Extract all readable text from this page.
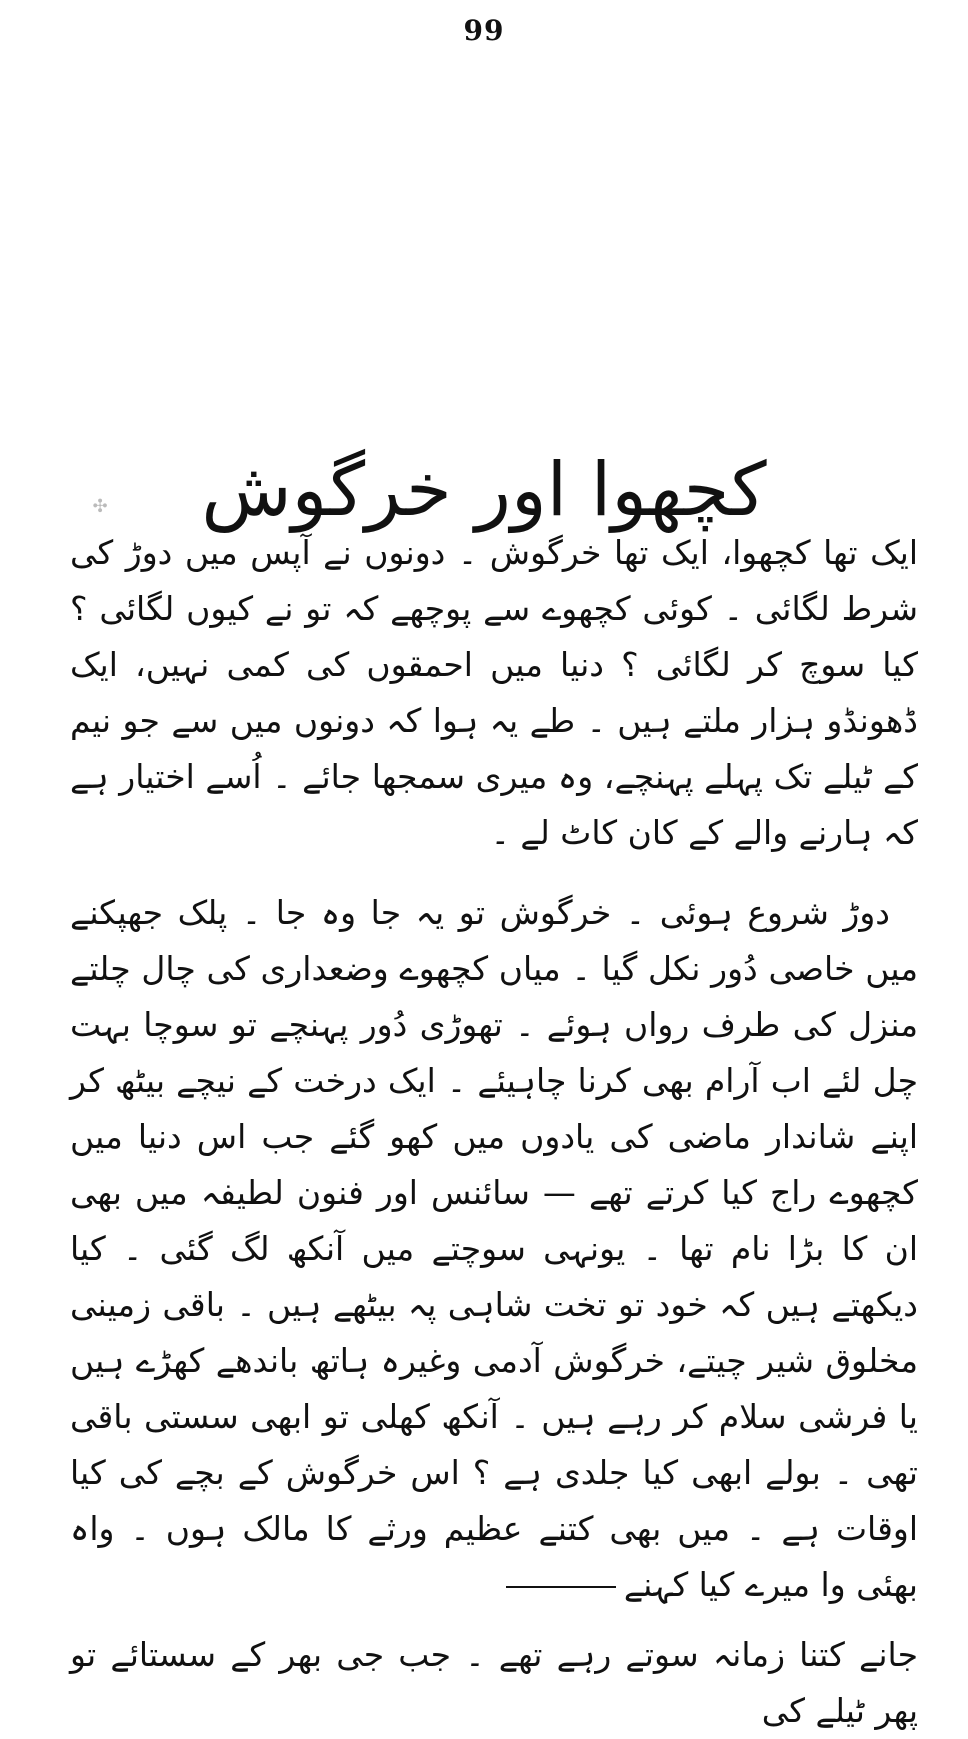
99
✣	کچھوا اور خرگوش

ایک تھا کچھوا، ایک تھا خرگوش ۔ دونوں نے آپس میں دوڑ کی شرط لگائی ۔ کوئی کچھوے سے پوچھے کہ تو نے کیوں لگائی ؟ کیا سوچ کر لگائی ؟ دنیا میں احمقوں کی کمی نہیں، ایک ڈھونڈو ہزار ملتے ہیں ۔ طے یہ ہوا کہ دونوں میں سے جو نیم کے ٹیلے تک پہلے پہنچے، وہ میری سمجھا جائے ۔ اُسے اختیار ہے کہ ہارنے والے کے کان کاٹ لے ۔

دوڑ شروع ہوئی ۔ خرگوش تو یہ جا وہ جا ۔ پلک جھپکنے میں خاصی دُور نکل گیا ۔ میاں کچھوے وضعداری کی چال چلتے منزل کی طرف رواں ہوئے ۔ تھوڑی دُور پہنچے تو سوچا بہت چل لئے اب آرام بھی کرنا چاہیئے ۔ ایک درخت کے نیچے بیٹھ کر اپنے شاندار ماضی کی یادوں میں کھو گئے جب اس دنیا میں کچھوے راج کیا کرتے تھے — سائنس اور فنون لطیفہ میں بھی ان کا بڑا نام تھا ۔ یونہی سوچتے میں آنکھ لگ گئی ۔ کیا دیکھتے ہیں کہ خود تو تخت شاہی پہ بیٹھے ہیں ۔ باقی زمینی مخلوق شیر چیتے، خرگوش آدمی وغیرہ ہاتھ باندھے کھڑے ہیں یا فرشی سلام کر رہے ہیں ۔ آنکھ کھلی تو ابھی سستی باقی تھی ۔ بولے ابھی کیا جلدی ہے ؟ اس خرگوش کے بچے کی کیا اوقات ہے ۔ میں بھی کتنے عظیم ورثے کا مالک ہوں ۔ واہ بھئی وا میرے کیا کہنے

جانے کتنا زمانہ سوتے رہے تھے ۔ جب جی بھر کے سستائے تو پھر ٹیلے کی
